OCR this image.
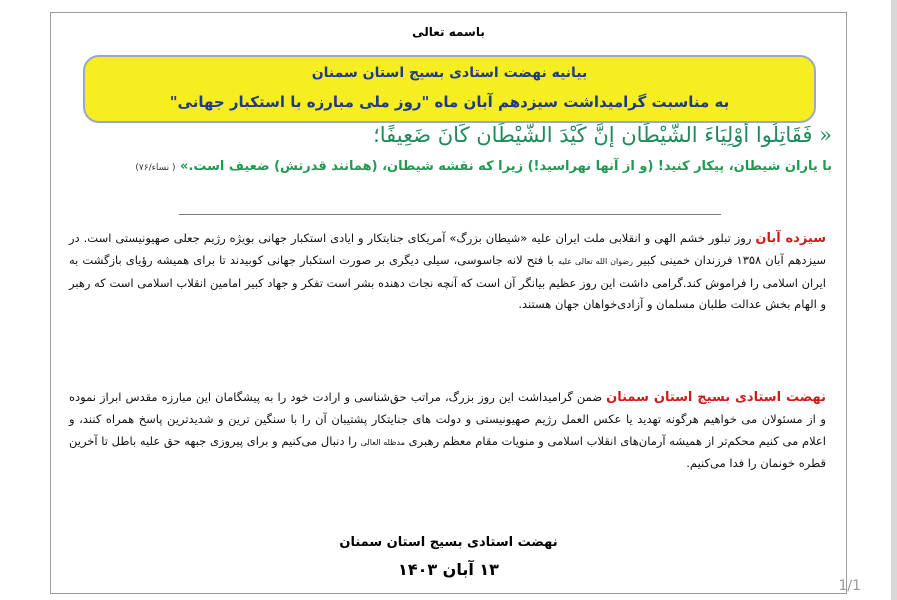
باسمه تعالی
بیانیه نهضت استادی بسیج استان سمنان
به مناسبت گرامیداشت سیزدهم آبان ماه "روز ملی مبارزه با استکبار جهانی"
« فَقَاتِلُوا أَوْلِيَاءَ الشَّيْطَانِ إِنَّ كَيْدَ الشَّيْطَانِ كَانَ ضَعِيفًا؛
با یاران شیطان، پیکار کنید! (و از آنها نهراسید!) زیرا که نقشه شیطان، (همانند قدرتش) ضعیف است.» ( نساء/۷۶)
سیزده آبان روز تبلور خشم الهی و انقلابی ملت ایران علیه «شیطان بزرگ» آمریکای جنایتکار و ایادی استکبار جهانی بویژه رژیم جعلی صهیونیستی است. در سیزدهم آبان ۱۳۵۸ فرزندان خمینی کبیر رضوان الله تعالی علیه با فتح لانه جاسوسی، سیلی دیگری بر صورت استکبار جهانی کوبیدند تا برای همیشه رؤیای بازگشت به ایران اسلامی را فراموش کند.گرامی داشت این روز عظیم بیانگر آن است که آنچه نجات دهنده بشر است تفکر و جهاد کبیر امامین انقلاب اسلامی است که رهبر و الهام بخش عدالت طلبان مسلمان و آزادی‌خواهان جهان هستند.
نهضت استادی بسیج استان سمنان ضمن گرامیداشت این روز بزرگ، مراتب حق‌شناسی و ارادت خود را به پیشگامان این مبارزه مقدس ابراز نموده و از مسئولان می خواهیم هرگونه تهدید یا عکس العمل رژیم صهیونیستی و دولت های جنایتکار پشتیبان آن را با سنگین ترین و شدیدترین پاسخ همراه کنند، و اعلام می کنیم محکم‌تر از همیشه آرمان‌های انقلاب اسلامی و منویات مقام معظم رهبری مدظله العالی را دنبال می‌کنیم و برای پیروزی جبهه حق علیه باطل تا آخرین قطره خونمان را فدا می‌کنیم.
نهضت استادی بسیج استان سمنان
۱۳ آبان ۱۴۰۳
1/1
